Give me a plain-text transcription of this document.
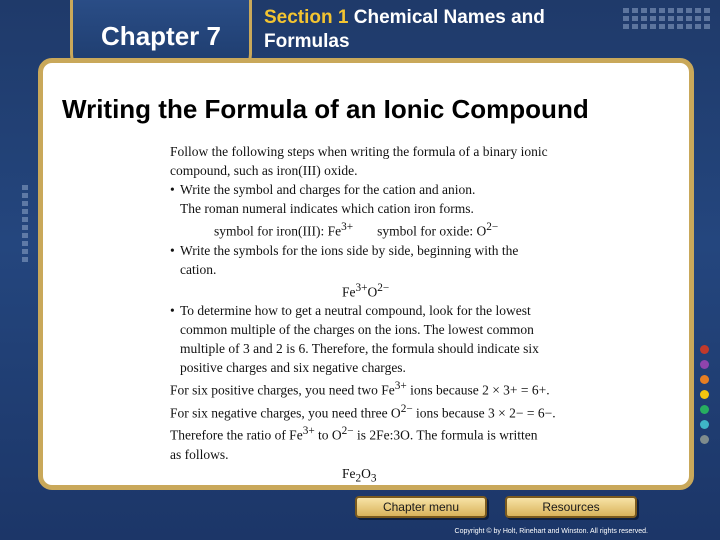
Chapter 7
Section 1 Chemical Names and
Formulas
Writing the Formula of an Ionic Compound

Follow the following steps when writing the formula of a binary ionic

compound, such as iron(III) oxide.

• Write the symbol and charges for the cation and anion.

The roman numeral indicates which cation iron forms.

symbol for iron(III): $Fe^{3+}$ symbol for oxide: $O^{2-}$

• Write the symbols for the ions side by side, beginning with the

cation.

$Fe^{3+}O^{2-}$

• To determine how to get a neutral compound, look for the lowest

common multiple of the charges on the ions. The lowest common

multiple of 3 and 2 is 6. Therefore, the formula should indicate six

positive charges and six negative charges.

For six positive charges, you need two $Fe^{3+}$ ions because 2 × 3+ = 6+.

For six negative charges, you need three $O^{2-}$ ions because 3 × 2− = 6−.

Therefore the ratio of $Fe^{3+}$ to $O^{2-}$ is 2Fe:3O. The formula is written

as follows.

$Fe_2O_3$

Chapter menu	Resources
Copyright © by Holt, Rinehart and Winston. All rights reserved.
